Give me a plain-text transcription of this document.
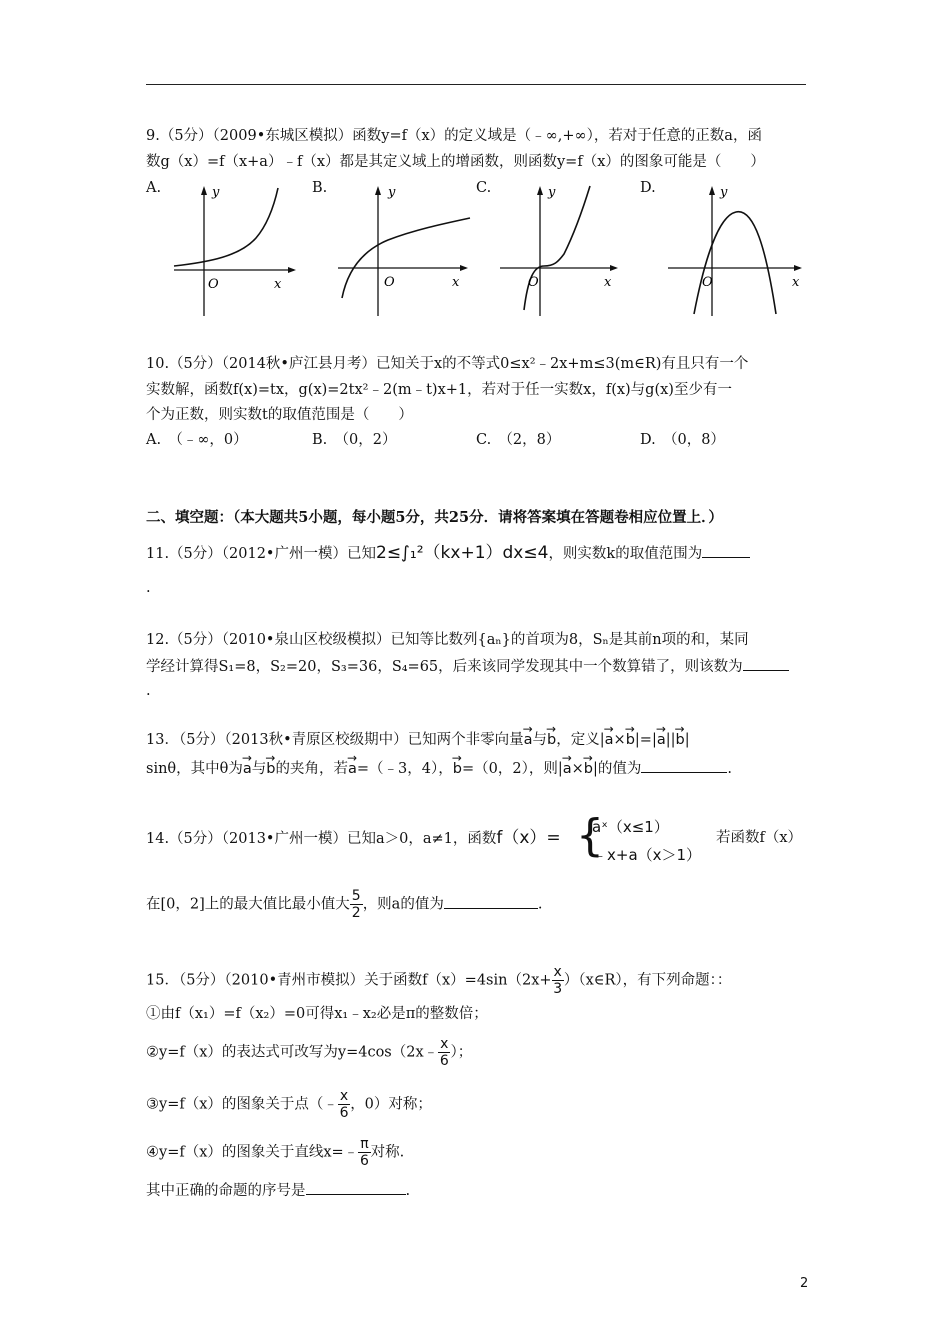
9.（5分）（2009•东城区模拟）函数y=f（x）的定义域是（﹣∞,+∞），若对于任意的正数a，函
数g（x）=f（x+a）﹣f（x）都是其定义域上的增函数，则函数y=f（x）的图象可能是（　　）
A.	B.	C.	D.
y
x
O
y
x
O
y
x
O
y
x
O
10.（5分）（2014秋•庐江县月考）已知关于x的不等式0≤x²﹣2x+m≤3(m∈R)有且只有一个
实数解，函数f(x)=tx，g(x)=2tx²﹣2(m﹣t)x+1，若对于任一实数x，f(x)与g(x)至少有一
个为正数，则实数t的取值范围是（　　）
A.　（﹣∞，0）	B.　（0，2）	C.　（2，8）	D.　（0，8）
二、填空题：（本大题共5小题，每小题5分，共25分．请将答案填在答题卷相应位置上．）
11.（5分）（2012•广州一模）已知2≤∫₁²（kx+1）dx≤4，则实数k的取值范围为
.
12.（5分）（2010•泉山区校级模拟）已知等比数列{aₙ}的首项为8，Sₙ是其前n项的和，某同
学经计算得S₁=8，S₂=20，S₃=36，S₄=65，后来该同学发现其中一个数算错了，则该数为
.
13．（5分）（2013秋•青原区校级期中）已知两个非零向量→ a与→ b，定义|→ a×→ b|=|→ a||→ b|
sinθ，其中θ为→ a与→ b的夹角，若→ a=（﹣3，4），→ b=（0，2），则|→ a×→ b|的值为	.
14.（5分）（2013•广州一模）已知a＞0，a≠1，函数f（x）= {
aˣ（x≤1）
﹣x+a（x＞1）
若函数f（x）
在[0，2]上的最大值比最小值大 $\frac{5}{2}$ ，则a的值为	.
15．（5分）（2010•青州市模拟）关于函数$f(x)=4\sin(2x+ \frac{x}{3}$ ）（x∈R），有下列命题：：
①由f（x₁）=f（x₂）=0可得x₁﹣x₂必是π的整数倍；
②y=f（x）的表达式可改写为y=4cos（2x﹣ $\frac{x}{6}$ ）；
③y=f（x）的图象关于点（﹣ $\frac{x}{6}$ ，0）对称；
④y=f（x）的图象关于直线x=﹣ $\frac{\pi}{6}$ 对称.
其中正确的命题的序号是	.
2
